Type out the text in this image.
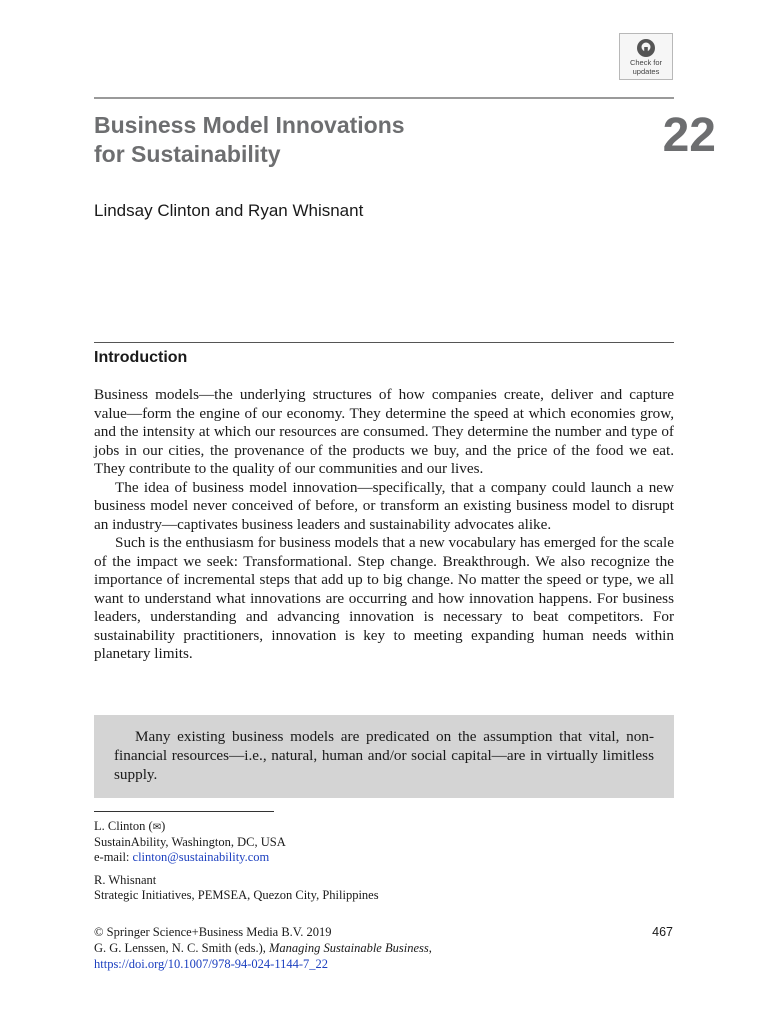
Check for
updates
Business Model Innovations
for Sustainability	22
Lindsay Clinton and Ryan Whisnant
Introduction

Business models—the underlying structures of how companies create, deliver and capture value—form the engine of our economy. They determine the speed at which economies grow, and the intensity at which our resources are consumed. They determine the number and type of jobs in our cities, the provenance of the products we buy, and the price of the food we eat. They contribute to the quality of our communities and our lives.

The idea of business model innovation—specifically, that a company could launch a new business model never conceived of before, or transform an existing business model to disrupt an industry—captivates business leaders and sustainability advocates alike.

Such is the enthusiasm for business models that a new vocabulary has emerged for the scale of the impact we seek: Transformational. Step change. Breakthrough. We also recognize the importance of incremental steps that add up to big change. No matter the speed or type, we all want to understand what innovations are occurring and how innovation happens. For business leaders, understanding and advancing innovation is necessary to beat competitors. For sustainability practitioners, innovation is key to meeting expanding human needs within planetary limits.

Many existing business models are predicated on the assumption that vital, non-financial resources—i.e., natural, human and/or social capital—are in virtually limitless supply.

L. Clinton (✉)
SustainAbility, Washington, DC, USA
e-mail: clinton@sustainability.com
R. Whisnant
Strategic Initiatives, PEMSEA, Quezon City, Philippines
© Springer Science+Business Media B.V. 2019
G. G. Lenssen, N. C. Smith (eds.), Managing Sustainable Business,
https://doi.org/10.1007/978-94-024-1144-7_22
467
